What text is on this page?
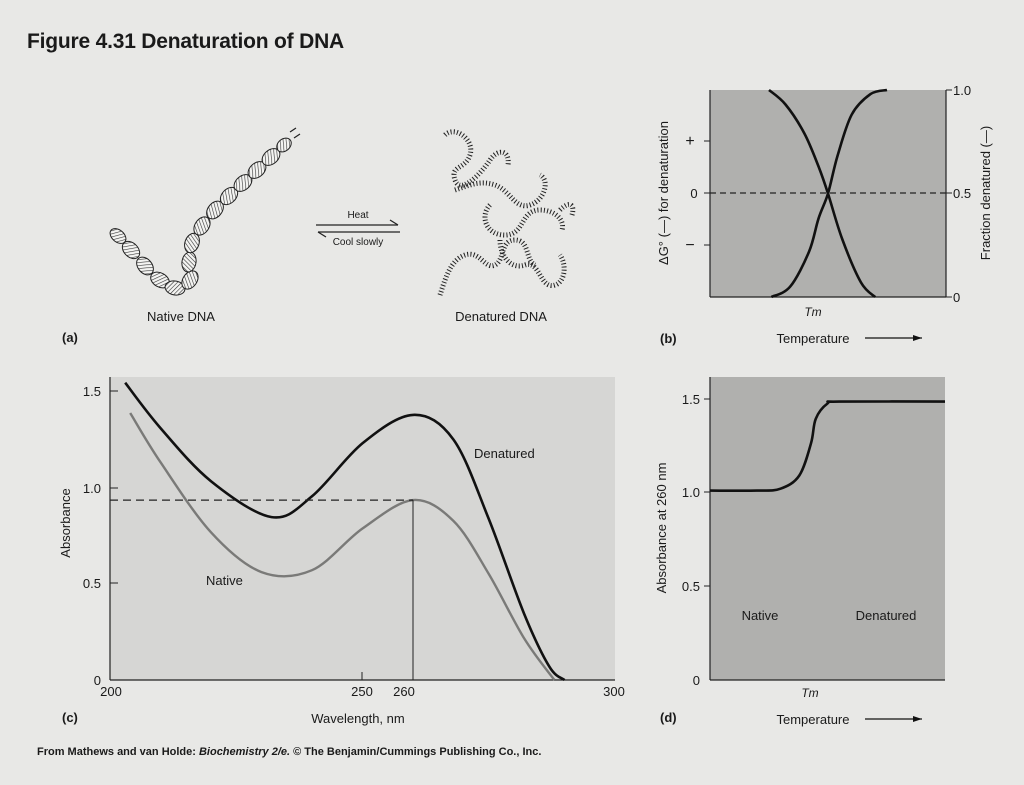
Figure 4.31 Denaturation of DNA
Heat
Cool slowly
Native DNA	Denatured DNA
(a)
+
0
−
1.0
0.5
0
ΔG° (—) for denaturation	Fraction denatured (—)
Tm
Temperature
(b)
1.5
1.0
0.5
0
200	250 260	300
Absorbance
Wavelength, nm
Denatured
Native
(c)
1.5
1.0
0.5
0
Absorbance at 260 nm
Native	Denatured
Tm
Temperature
(d)
From Mathews and van Holde: Biochemistry 2/e. © The Benjamin/Cummings Publishing Co., Inc.
